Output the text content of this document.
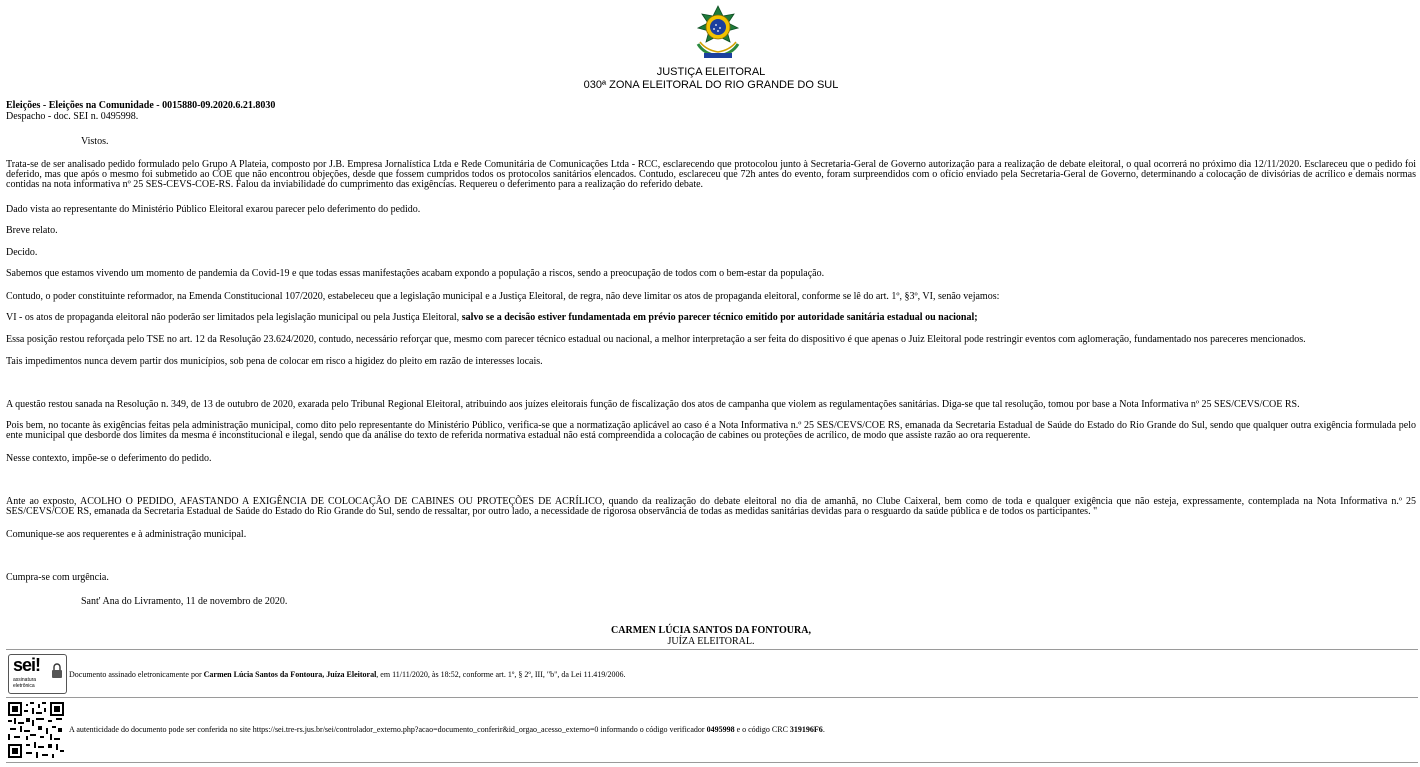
JUSTIÇA ELEITORAL
030ª ZONA ELEITORAL DO RIO GRANDE DO SUL
Eleições - Eleições na Comunidade - 0015880-09.2020.6.21.8030
Despacho - doc. SEI n. 0495998.
Vistos.
Trata-se de ser analisado pedido formulado pelo Grupo A Plateia, composto por J.B. Empresa Jornalística Ltda e Rede Comunitária de Comunicações Ltda - RCC, esclarecendo que protocolou junto à Secretaria-Geral de Governo autorização para a realização de debate eleitoral, o qual ocorrerá no próximo dia 12/11/2020. Esclareceu que o pedido foi deferido, mas que após o mesmo foi submetido ao COE que não encontrou objeções, desde que fossem cumpridos todos os protocolos sanitários elencados. Contudo, esclareceu que 72h antes do evento, foram surpreendidos com o ofício enviado pela Secretaria-Geral de Governo, determinando a colocação de divisórias de acrílico e demais normas contidas na nota informativa nº 25 SES-CEVS-COE-RS. Falou da inviabilidade do cumprimento das exigências. Requereu o deferimento para a realização do referido debate.
Dado vista ao representante do Ministério Público Eleitoral exarou parecer pelo deferimento do pedido.
Breve relato.
Decido.
Sabemos que estamos vivendo um momento de pandemia da Covid-19 e que todas essas manifestações acabam expondo a população a riscos, sendo a preocupação de todos com o bem-estar da população.
Contudo, o poder constituinte reformador, na Emenda Constitucional 107/2020, estabeleceu que a legislação municipal e a Justiça Eleitoral, de regra, não deve limitar os atos de propaganda eleitoral, conforme se lê do art. 1º, §3º, VI, senão vejamos:
VI - os atos de propaganda eleitoral não poderão ser limitados pela legislação municipal ou pela Justiça Eleitoral, salvo se a decisão estiver fundamentada em prévio parecer técnico emitido por autoridade sanitária estadual ou nacional;
Essa posição restou reforçada pelo TSE no art. 12 da Resolução 23.624/2020, contudo, necessário reforçar que, mesmo com parecer técnico estadual ou nacional, a melhor interpretação a ser feita do dispositivo é que apenas o Juiz Eleitoral pode restringir eventos com aglomeração, fundamentado nos pareceres mencionados.
Tais impedimentos nunca devem partir dos municípios, sob pena de colocar em risco a higidez do pleito em razão de interesses locais.
A questão restou sanada na Resolução n. 349, de 13 de outubro de 2020, exarada pelo Tribunal Regional Eleitoral, atribuindo aos juízes eleitorais função de fiscalização dos atos de campanha que violem as regulamentações sanitárias. Diga-se que tal resolução, tomou por base a Nota Informativa nº 25 SES/CEVS/COE RS.
Pois bem, no tocante às exigências feitas pela administração municipal, como dito pelo representante do Ministério Público, verifica-se que a normatização aplicável ao caso é a Nota Informativa n.º 25 SES/CEVS/COE RS, emanada da Secretaria Estadual de Saúde do Estado do Rio Grande do Sul, sendo que qualquer outra exigência formulada pelo ente municipal que desborde dos limites da mesma é inconstitucional e ilegal, sendo que da análise do texto de referida normativa estadual não está compreendida a colocação de cabines ou proteções de acrílico, de modo que assiste razão ao ora requerente.
Nesse contexto, impõe-se o deferimento do pedido.
Ante ao exposto, ACOLHO O PEDIDO, AFASTANDO A EXIGÊNCIA DE COLOCAÇÃO DE CABINES OU PROTEÇÕES DE ACRÍLICO, quando da realização do debate eleitoral no dia de amanhã, no Clube Caixeral, bem como de toda e qualquer exigência que não esteja, expressamente, contemplada na Nota Informativa n.º 25 SES/CEVS/COE RS, emanada da Secretaria Estadual de Saúde do Estado do Rio Grande do Sul, sendo de ressaltar, por outro lado, a necessidade de rigorosa observância de todas as medidas sanitárias devidas para o resguardo da saúde pública e de todos os participantes. "
Comunique-se aos requerentes e à administração municipal.
Cumpra-se com urgência.
Sant' Ana do Livramento, 11 de novembro de 2020.
CARMEN LÚCIA SANTOS DA FONTOURA,
JUÍZA ELEITORAL.
sei!
assinatura
eletrônica
Documento assinado eletronicamente por Carmen Lúcia Santos da Fontoura, Juíza Eleitoral, em 11/11/2020, às 18:52, conforme art. 1º, § 2º, III, "b", da Lei 11.419/2006.
A autenticidade do documento pode ser conferida no site https://sei.tre-rs.jus.br/sei/controlador_externo.php?acao=documento_conferir&id_orgao_acesso_externo=0 informando o código verificador 0495998 e o código CRC 319196F6.
